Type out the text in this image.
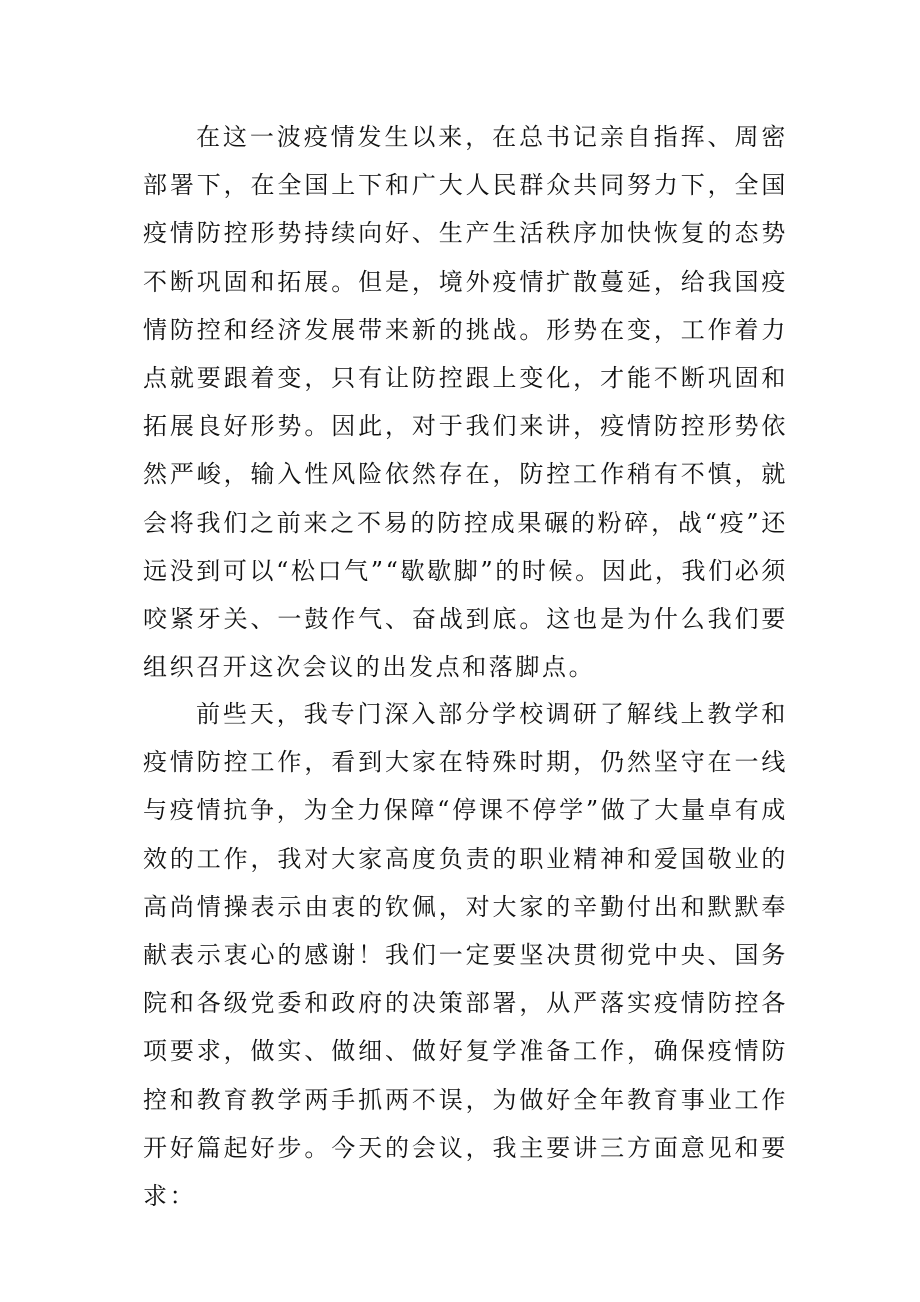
在这一波疫情发生以来，在总书记亲自指挥、周密部署下，在全国上下和广大人民群众共同努力下，全国疫情防控形势持续向好、生产生活秩序加快恢复的态势不断巩固和拓展。但是，境外疫情扩散蔓延，给我国疫情防控和经济发展带来新的挑战。形势在变，工作着力点就要跟着变，只有让防控跟上变化，才能不断巩固和拓展良好形势。因此，对于我们来讲，疫情防控形势依然严峻，输入性风险依然存在，防控工作稍有不慎，就会将我们之前来之不易的防控成果碾的粉碎，战“疫”还远没到可以“松口气”“歇歇脚”的时候。因此，我们必须咬紧牙关、一鼓作气、奋战到底。这也是为什么我们要组织召开这次会议的出发点和落脚点。

前些天，我专门深入部分学校调研了解线上教学和疫情防控工作，看到大家在特殊时期，仍然坚守在一线与疫情抗争，为全力保障“停课不停学”做了大量卓有成效的工作，我对大家高度负责的职业精神和爱国敬业的高尚情操表示由衷的钦佩，对大家的辛勤付出和默默奉献表示衷心的感谢！我们一定要坚决贯彻党中央、国务院和各级党委和政府的决策部署，从严落实疫情防控各项要求，做实、做细、做好复学准备工作，确保疫情防控和教育教学两手抓两不误，为做好全年教育事业工作开好篇起好步。今天的会议，我主要讲三方面意见和要求：
